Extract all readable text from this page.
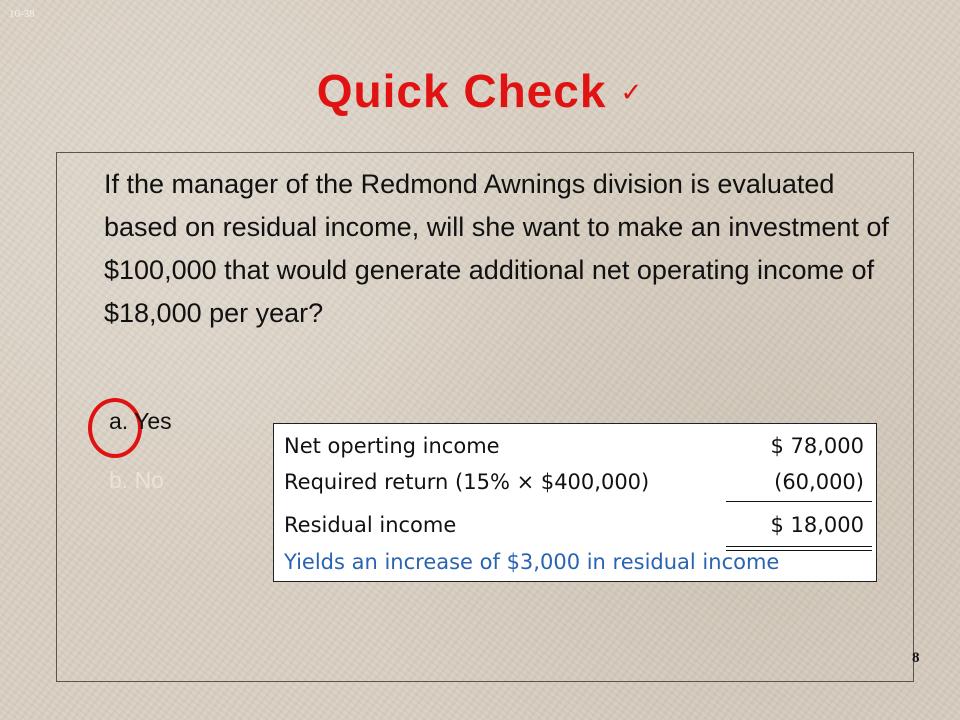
10-38
Quick Check ✓
If the manager of the Redmond Awnings division is evaluated based on residual income, will she want to make an investment of $100,000 that would generate additional net operating income of $18,000 per year?
a. Yes
b. No
Net operting income	$ 78,000
Required return (15% × $400,000)	(60,000)
Residual income	$ 18,000
Yields an increase of $3,000 in residual income
8
